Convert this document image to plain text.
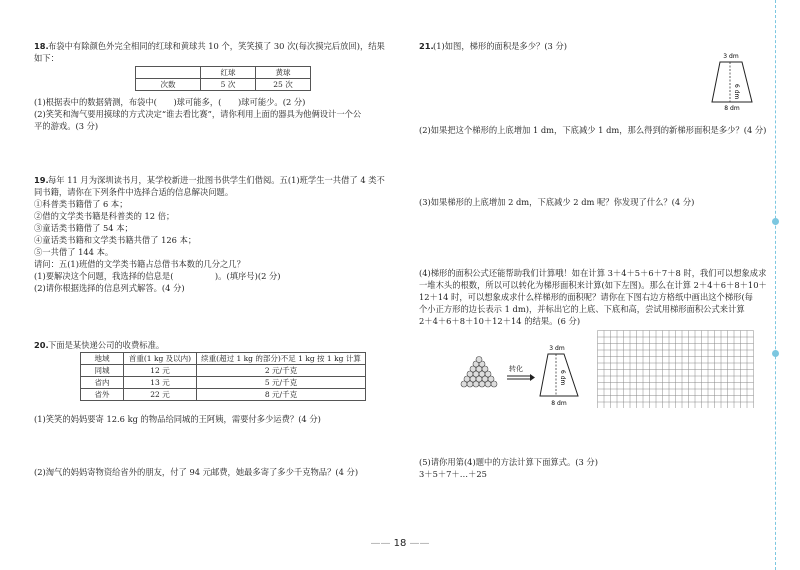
18. 布袋中有除颜色外完全相同的红球和黄球共 10 个，笑笑摸了 30 次(每次摸完后放回)，结果
如下：
	红球	黄球
次数	5 次	25 次
(1)根据表中的数据猜测，布袋中(　　)球可能多，(　　)球可能少。(2 分)
(2)笑笑和淘气要用摸球的方式决定“谁去看比赛”，请你利用上面的器具为他俩设计一个公
平的游戏。(3 分)
19. 每年 11 月为深圳读书月，某学校新进一批图书供学生们借阅。五(1)班学生一共借了 4 类不
同书籍，请你在下列条件中选择合适的信息解决问题。
①科普类书籍借了 6 本；
②借的文学类书籍是科普类的 12 倍；
③童话类书籍借了 54 本；
④童话类书籍和文学类书籍共借了 126 本；
⑤一共借了 144 本。
请问：五(1)班借的文学类书籍占总借书本数的几分之几？
(1)要解决这个问题，我选择的信息是(　　　　　)。(填序号)(2 分)
(2)请你根据选择的信息列式解答。(4 分)
20. 下面是某快递公司的收费标准。
地域	首重(1 kg 及以内)	续重(超过 1 kg 的部分)不足 1 kg 按 1 kg 计算
同城	12 元	2 元/千克
省内	13 元	5 元/千克
省外	22 元	8 元/千克
(1)笑笑的妈妈要寄 12.6 kg 的物品给同城的王阿姨，需要付多少运费？(4 分)
(2)淘气的妈妈寄物资给省外的朋友，付了 94 元邮费，她最多寄了多少千克物品？(4 分)
21. (1)如图，梯形的面积是多少？(3 分)
3 dm
6 dm
8 dm
(2)如果把这个梯形的上底增加 1 dm，下底减少 1 dm，那么得到的新梯形面积是多少？(4 分)
(3)如果梯形的上底增加 2 dm，下底减少 2 dm 呢？你发现了什么？(4 分)
(4)梯形的面积公式还能帮助我们计算哦！如在计算 3＋4＋5＋6＋7＋8 时，我们可以想象成求
一堆木头的根数，所以可以转化为梯形面积来计算(如下左图)。那么在计算 2＋4＋6＋8＋10＋
12＋14 时，可以想象成求什么样梯形的面积呢？请你在下图右边方格纸中画出这个梯形(每
个小正方形的边长表示 1 dm)，并标出它的上底、下底和高，尝试用梯形面积公式来计算
2＋4＋6＋8＋10＋12＋14 的结果。(6 分)
转化
3 dm
6 dm
8 dm
(5)请你用第(4)题中的方法计算下面算式。(3 分)
3＋5＋7＋…＋25
—— 18 ——
